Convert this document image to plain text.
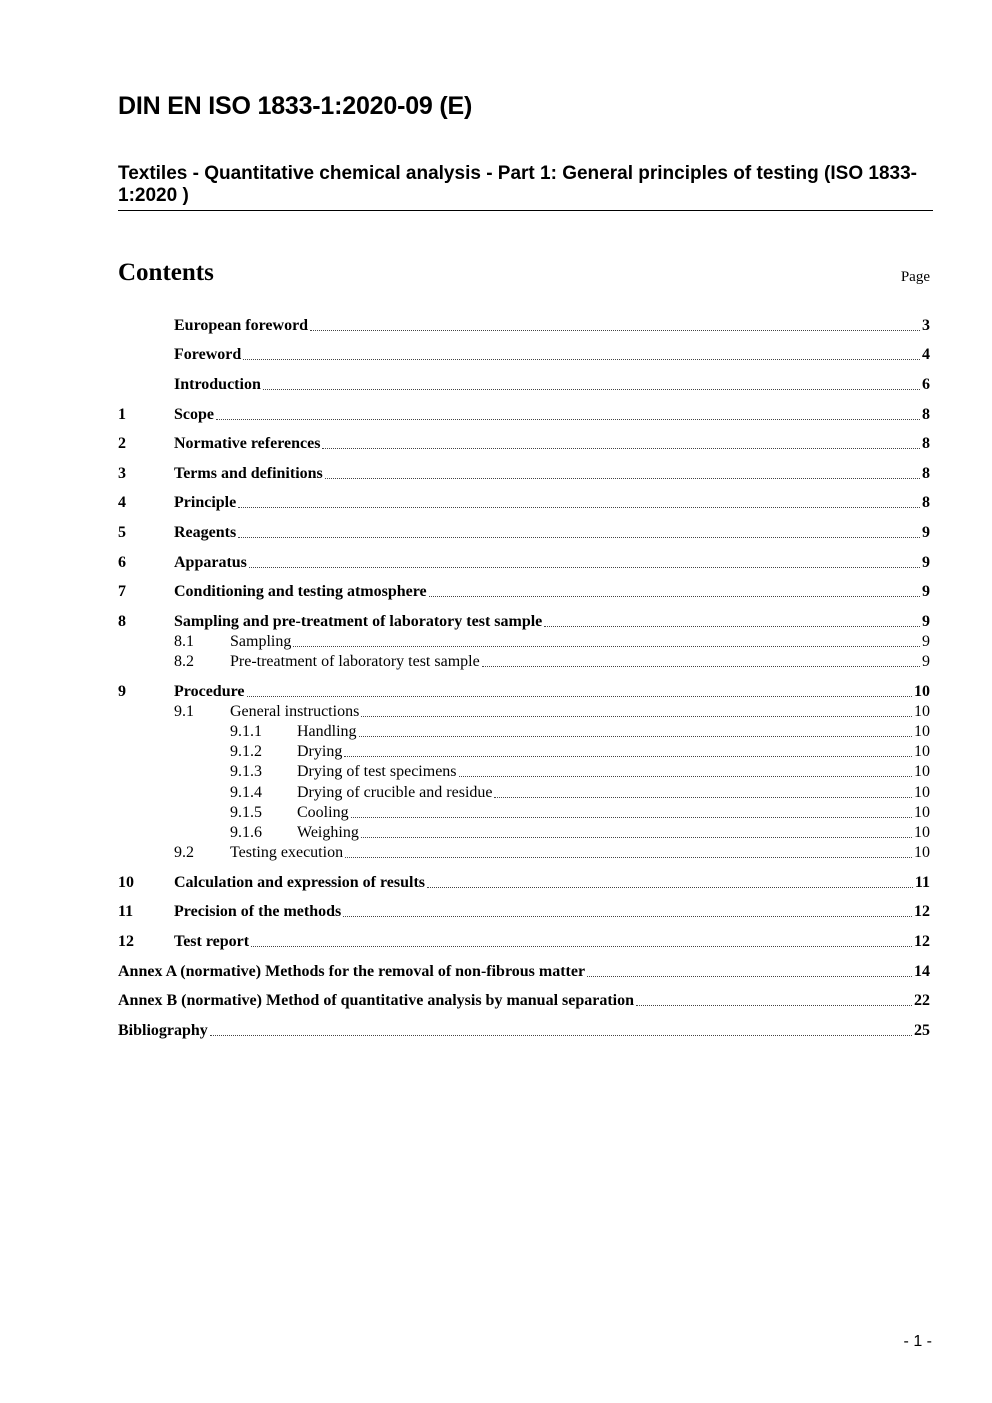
DIN EN ISO 1833-1:2020-09 (E)
Textiles - Quantitative chemical analysis - Part 1: General principles of testing (ISO 1833-1:2020 )
Contents	Page
European foreword	3
Foreword	4
Introduction	6
1	Scope	8
2	Normative references	8
3	Terms and definitions	8
4	Principle	8
5	Reagents	9
6	Apparatus	9
7	Conditioning and testing atmosphere	9
8	Sampling and pre-treatment of laboratory test sample	9
8.1	Sampling	9
8.2	Pre-treatment of laboratory test sample	9
9	Procedure	10
9.1	General instructions	10
9.1.1	Handling	10
9.1.2	Drying	10
9.1.3	Drying of test specimens	10
9.1.4	Drying of crucible and residue	10
9.1.5	Cooling	10
9.1.6	Weighing	10
9.2	Testing execution	10
10	Calculation and expression of results	11
11	Precision of the methods	12
12	Test report	12
Annex A (normative) Methods for the removal of non-fibrous matter	14
Annex B (normative) Method of quantitative analysis by manual separation	22
Bibliography	25
- 1 -
